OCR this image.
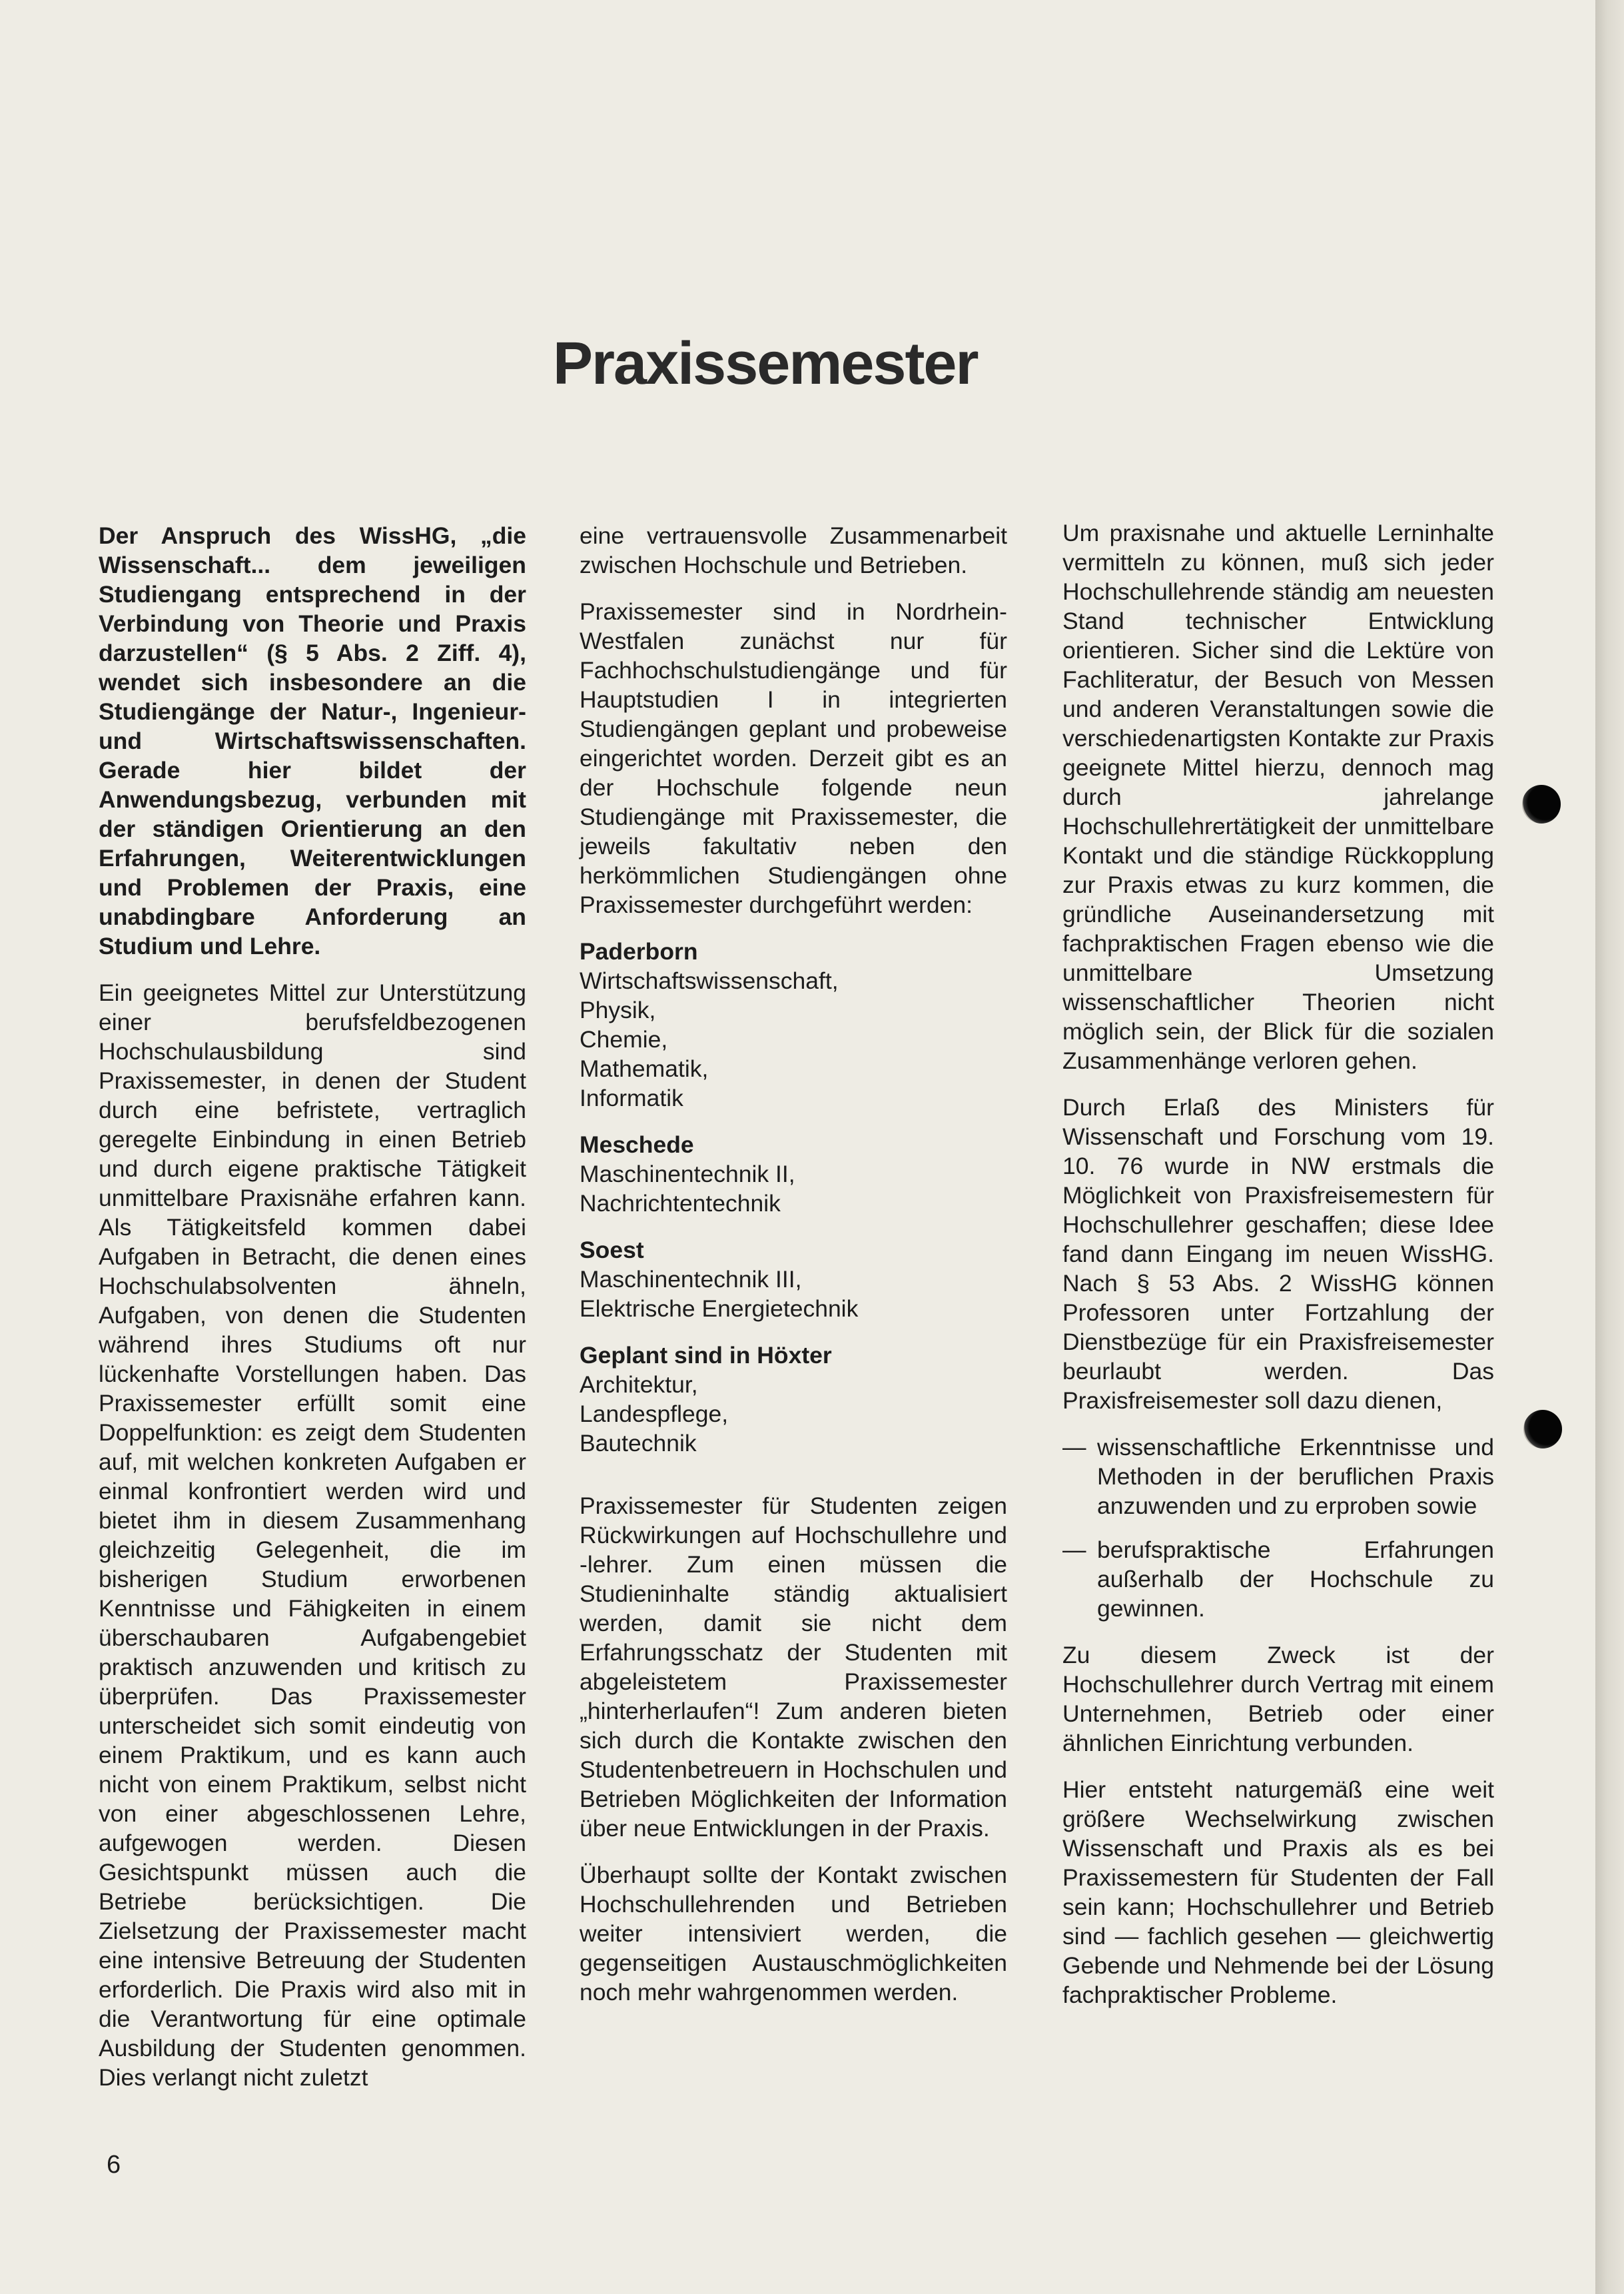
Praxissemester

Der Anspruch des WissHG, „die Wissenschaft... dem jeweiligen Studiengang entsprechend in der Verbindung von Theorie und Praxis darzustellen“ (§ 5 Abs. 2 Ziff. 4), wendet sich insbesondere an die Studiengänge der Natur-, Ingenieur- und Wirtschaftswissenschaften. Gerade hier bildet der Anwendungsbezug, verbunden mit der ständigen Orientierung an den Erfahrungen, Weiterentwicklungen und Problemen der Praxis, eine unabdingbare Anforderung an Studium und Lehre.

Ein geeignetes Mittel zur Unterstützung einer berufsfeldbezogenen Hochschulausbildung sind Praxissemester, in denen der Student durch eine befristete, vertraglich geregelte Einbindung in einen Betrieb und durch eigene praktische Tätigkeit unmittelbare Praxisnähe erfahren kann. Als Tätigkeitsfeld kommen dabei Aufgaben in Betracht, die denen eines Hochschulabsolventen ähneln, Aufgaben, von denen die Studenten während ihres Studiums oft nur lückenhafte Vorstellungen haben. Das Praxissemester erfüllt somit eine Doppelfunktion: es zeigt dem Studenten auf, mit welchen konkreten Aufgaben er einmal konfrontiert werden wird und bietet ihm in diesem Zusammenhang gleichzeitig Gelegenheit, die im bisherigen Studium erworbenen Kenntnisse und Fähigkeiten in einem überschaubaren Aufgabengebiet praktisch anzuwenden und kritisch zu überprüfen. Das Praxissemester unterscheidet sich somit eindeutig von einem Praktikum, und es kann auch nicht von einem Praktikum, selbst nicht von einer abgeschlossenen Lehre, aufgewogen werden. Diesen Gesichtspunkt müssen auch die Betriebe berücksichtigen. Die Zielsetzung der Praxissemester macht eine intensive Betreuung der Studenten erforderlich. Die Praxis wird also mit in die Verantwortung für eine optimale Ausbildung der Studenten genommen. Dies verlangt nicht zuletzt

eine vertrauensvolle Zusammenarbeit zwischen Hochschule und Betrieben.

Praxissemester sind in Nordrhein-Westfalen zunächst nur für Fachhochschulstudiengänge und für Hauptstudien I in integrierten Studiengängen geplant und probeweise eingerichtet worden. Derzeit gibt es an der Hochschule folgende neun Studiengänge mit Praxissemester, die jeweils fakultativ neben den herkömmlichen Studiengängen ohne Praxissemester durchgeführt werden:

Paderborn
Wirtschaftswissenschaft,
Physik,
Chemie,
Mathematik,
Informatik
Meschede
Maschinentechnik II,
Nachrichtentechnik
Soest
Maschinentechnik III,
Elektrische Energietechnik
Geplant sind in Höxter
Architektur,
Landespflege,
Bautechnik

Praxissemester für Studenten zeigen Rückwirkungen auf Hochschullehre und -lehrer. Zum einen müssen die Studieninhalte ständig aktualisiert werden, damit sie nicht dem Erfahrungsschatz der Studenten mit abgeleistetem Praxissemester „hinterherlaufen“! Zum anderen bieten sich durch die Kontakte zwischen den Studentenbetreuern in Hochschulen und Betrieben Möglichkeiten der Information über neue Entwicklungen in der Praxis.

Überhaupt sollte der Kontakt zwischen Hochschullehrenden und Betrieben weiter intensiviert werden, die gegenseitigen Austauschmöglichkeiten noch mehr wahrgenommen werden.

Um praxisnahe und aktuelle Lerninhalte vermitteln zu können, muß sich jeder Hochschullehrende ständig am neuesten Stand technischer Entwicklung orientieren. Sicher sind die Lektüre von Fachliteratur, der Besuch von Messen und anderen Veranstaltungen sowie die verschiedenartigsten Kontakte zur Praxis geeignete Mittel hierzu, dennoch mag durch jahrelange Hochschullehrertätigkeit der unmittelbare Kontakt und die ständige Rückkopplung zur Praxis etwas zu kurz kommen, die gründliche Auseinandersetzung mit fachpraktischen Fragen ebenso wie die unmittelbare Umsetzung wissenschaftlicher Theorien nicht möglich sein, der Blick für die sozialen Zusammenhänge verloren gehen.

Durch Erlaß des Ministers für Wissenschaft und Forschung vom 19. 10. 76 wurde in NW erstmals die Möglichkeit von Praxisfreisemestern für Hochschullehrer geschaffen; diese Idee fand dann Eingang im neuen WissHG. Nach § 53 Abs. 2 WissHG können Professoren unter Fortzahlung der Dienstbezüge für ein Praxisfreisemester beurlaubt werden. Das Praxisfreisemester soll dazu dienen,

— wissenschaftliche Erkenntnisse und Methoden in der beruflichen Praxis anzuwenden und zu erproben sowie
— berufspraktische Erfahrungen außerhalb der Hochschule zu gewinnen.

Zu diesem Zweck ist der Hochschullehrer durch Vertrag mit einem Unternehmen, Betrieb oder einer ähnlichen Einrichtung verbunden.

Hier entsteht naturgemäß eine weit größere Wechselwirkung zwischen Wissenschaft und Praxis als es bei Praxissemestern für Studenten der Fall sein kann; Hochschullehrer und Betrieb sind — fachlich gesehen — gleichwertig Gebende und Nehmende bei der Lösung fachpraktischer Probleme.

6
